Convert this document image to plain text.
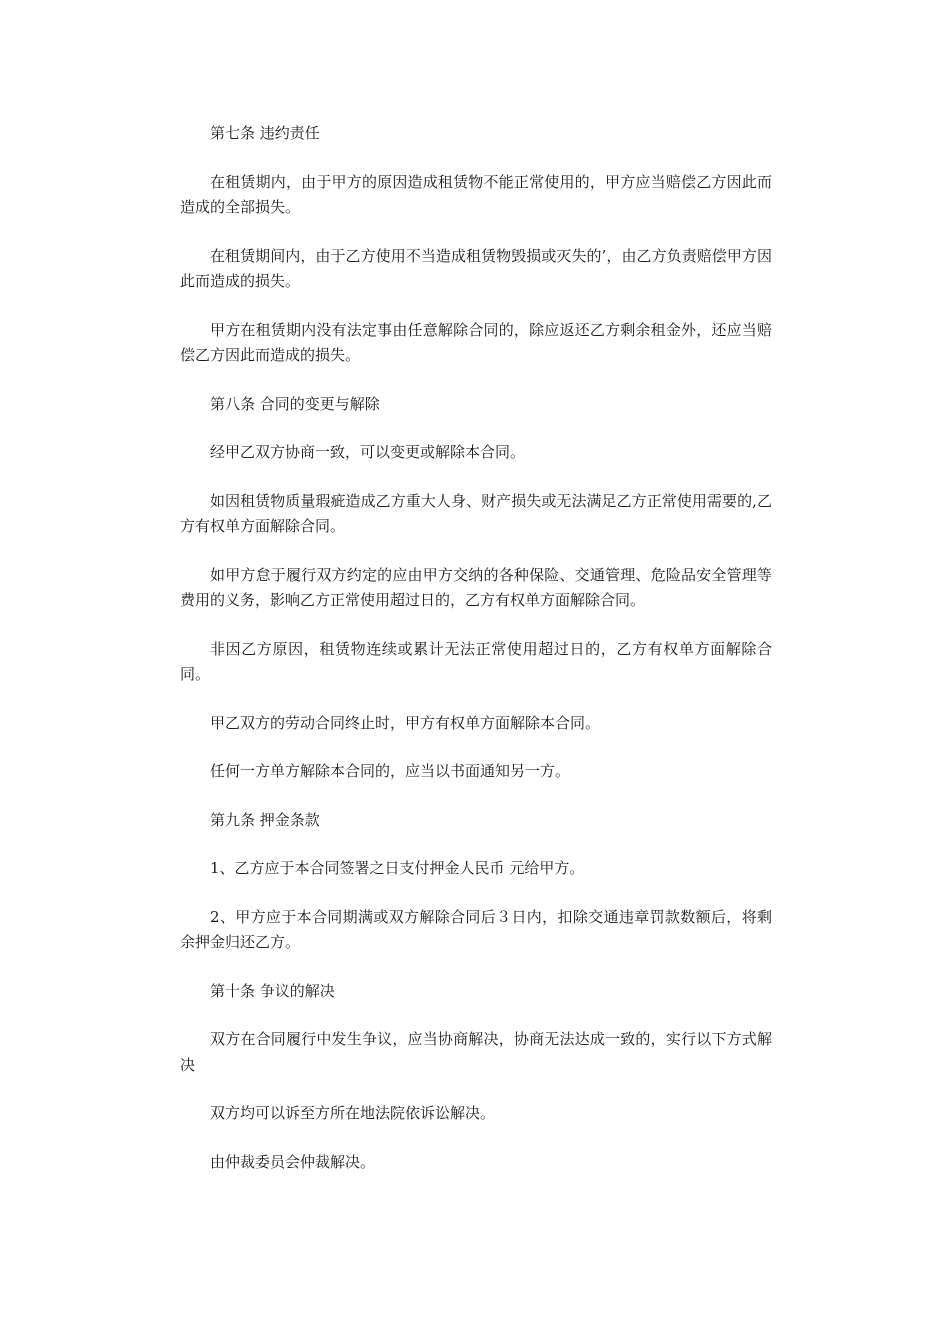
第七条 违约责任

在租赁期内，由于甲方的原因造成租赁物不能正常使用的，甲方应当赔偿乙方因此而造成的全部损失。

在租赁期间内，由于乙方使用不当造成租赁物毁损或灭失的’，由乙方负责赔偿甲方因此而造成的损失。

甲方在租赁期内没有法定事由任意解除合同的，除应返还乙方剩余租金外，还应当赔偿乙方因此而造成的损失。

第八条 合同的变更与解除

经甲乙双方协商一致，可以变更或解除本合同。

如因租赁物质量瑕疵造成乙方重大人身、财产损失或无法满足乙方正常使用需要的,乙方有权单方面解除合同。

如甲方怠于履行双方约定的应由甲方交纳的各种保险、交通管理、危险品安全管理等费用的义务，影响乙方正常使用超过日的，乙方有权单方面解除合同。

非因乙方原因，租赁物连续或累计无法正常使用超过日的，乙方有权单方面解除合同。

甲乙双方的劳动合同终止时，甲方有权单方面解除本合同。

任何一方单方解除本合同的，应当以书面通知另一方。

第九条 押金条款

1、乙方应于本合同签署之日支付押金人民币 元给甲方。

2、甲方应于本合同期满或双方解除合同后３日内，扣除交通违章罚款数额后，将剩余押金归还乙方。

第十条 争议的解决

双方在合同履行中发生争议，应当协商解决，协商无法达成一致的，实行以下方式解决

双方均可以诉至方所在地法院依诉讼解决。

由仲裁委员会仲裁解决。
